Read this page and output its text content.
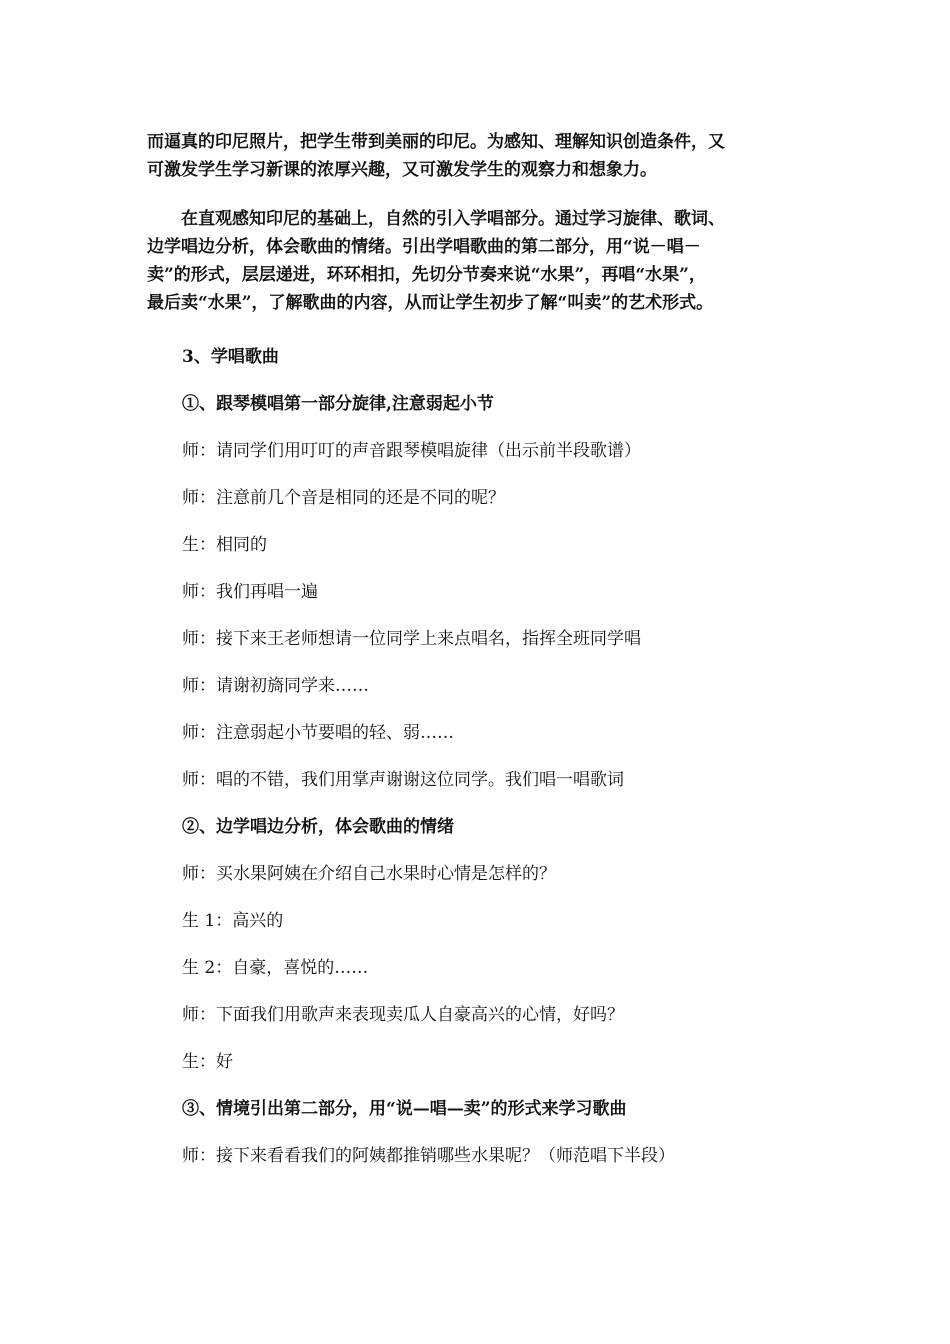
而逼真的印尼照片，把学生带到美丽的印尼。为感知、理解知识创造条件，又
可激发学生学习新课的浓厚兴趣，又可激发学生的观察力和想象力。
　　在直观感知印尼的基础上，自然的引入学唱部分。通过学习旋律、歌词、
边学唱边分析，体会歌曲的情绪。引出学唱歌曲的第二部分，用“说－唱－
卖”的形式，层层递进，环环相扣，先切分节奏来说“水果”，再唱“水果”，
最后卖“水果”，了解歌曲的内容，从而让学生初步了解“叫卖”的艺术形式。

3、学唱歌曲

①、跟琴模唱第一部分旋律,注意弱起小节

师：请同学们用叮叮的声音跟琴模唱旋律（出示前半段歌谱）

师：注意前几个音是相同的还是不同的呢？

生：相同的

师：我们再唱一遍

师：接下来王老师想请一位同学上来点唱名，指挥全班同学唱

师：请谢初旖同学来……

师：注意弱起小节要唱的轻、弱……

师：唱的不错，我们用掌声谢谢这位同学。我们唱一唱歌词

②、边学唱边分析，体会歌曲的情绪

师：买水果阿姨在介绍自己水果时心情是怎样的？

生 1：高兴的

生 2：自豪，喜悦的……

师：下面我们用歌声来表现卖瓜人自豪高兴的心情，好吗？

生：好

③、情境引出第二部分，用“说—唱—卖”的形式来学习歌曲

师：接下来看看我们的阿姨都推销哪些水果呢？（师范唱下半段）
